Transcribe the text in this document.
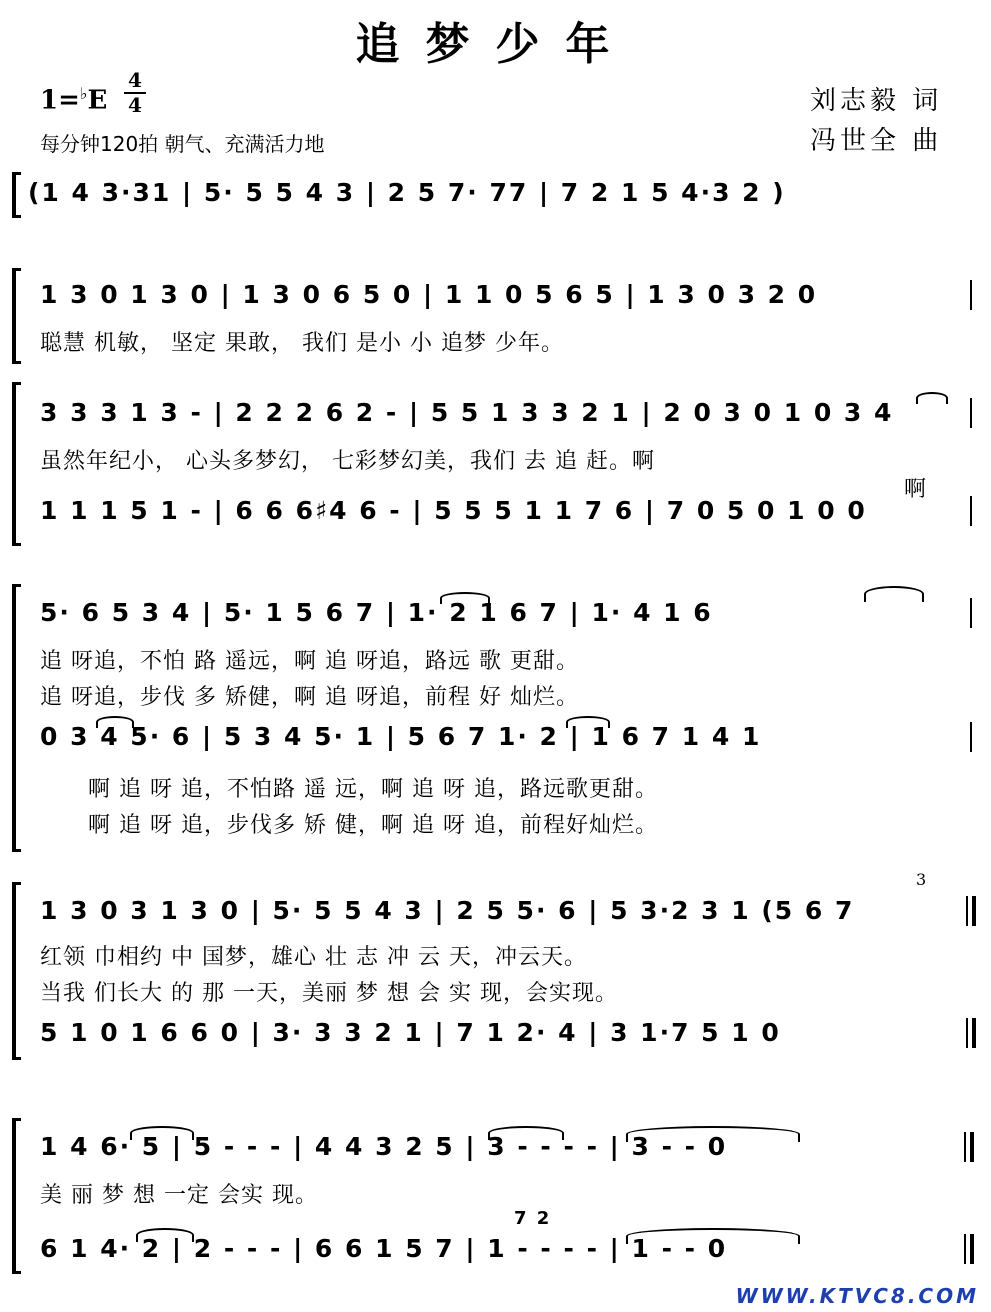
追梦少年
1=♭E
4
4
每分钟120拍 朝气、充满活力地
刘志毅 词
冯世全 曲
(1 4 3·31 | 5· 5 5 4 3 | 2 5 7· 77 | 7 2 1 5 4·3 2 )
1 3 0 1 3 0 | 1 3 0 6 5 0 | 1 1 0 5 6 5 | 1 3 0 3 2 0
聪慧 机敏， 坚定 果敢， 我们 是小 小 追梦 少年。
3 3 3 1 3 - | 2 2 2 6 2 - | 5 5 1 3 3 2 1 | 2 0 3 0 1 0 3 4
虽然年纪小， 心头多梦幻， 七彩梦幻美，我们 去 追 赶。啊
啊
1 1 1 5 1 - | 6 6 6♯4 6 - | 5 5 5 1 1 7 6 | 7 0 5 0 1 0 0
5· 6 5 3 4 | 5· 1 5 6 7 | 1· 2 1 6 7 | 1· 4 1 6
追 呀追，不怕 路 遥远，啊 追 呀追，路远 歌 更甜。
追 呀追，步伐 多 矫健，啊 追 呀追，前程 好 灿烂。
0 3 4 5· 6 | 5 3 4 5· 1 | 5 6 7 1· 2 | 1 6 7 1 4 1
啊 追 呀 追，不怕路 遥 远，啊 追 呀 追，路远歌更甜。
啊 追 呀 追，步伐多 矫 健，啊 追 呀 追，前程好灿烂。
3
1 3 0 3 1 3 0 | 5· 5 5 4 3 | 2 5 5· 6 | 5 3·2 3 1 (5 6 7
红领 巾相约 中 国梦，雄心 壮 志 冲 云 天，冲云天。
当我 们长大 的 那 一天，美丽 梦 想 会 实 现，会实现。
5 1 0 1 6 6 0 | 3· 3 3 2 1 | 7 1 2· 4 | 3 1·7 5 1 0
1 4 6· 5 | 5 - - - | 4 4 3 2 5 | 3 - - - - | 3 - - 0
美 丽 梦 想 一定 会实 现。
7 2
6 1 4· 2 | 2 - - - | 6 6 1 5 7 | 1 - - - - | 1 - - 0
WWW.KTVC8.COM
